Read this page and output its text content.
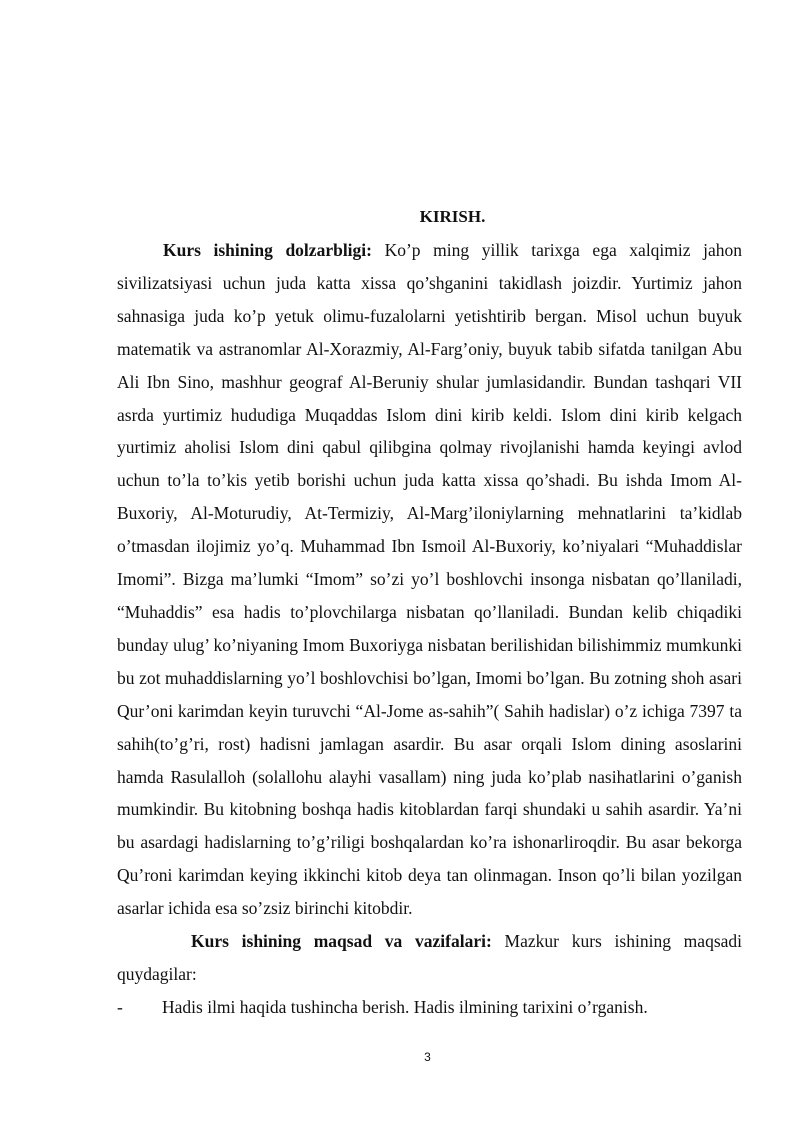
KIRISH.

Kurs ishining dolzarbligi: Ko’p ming yillik tarixga ega xalqimiz jahon sivilizatsiyasi uchun juda katta xissa qo’shganini takidlash joizdir. Yurtimiz jahon sahnasiga juda ko’p yetuk olimu-fuzalolarni yetishtirib bergan. Misol uchun buyuk matematik va astranomlar Al-Xorazmiy, Al-Farg’oniy, buyuk tabib sifatda tanilgan Abu Ali Ibn Sino, mashhur geograf Al-Beruniy shular jumlasidandir. Bundan tashqari VII asrda yurtimiz hududiga Muqaddas Islom dini kirib keldi. Islom dini kirib kelgach yurtimiz aholisi Islom dini qabul qilibgina qolmay rivojlanishi hamda keyingi avlod uchun to’la to’kis yetib borishi uchun juda katta xissa qo’shadi. Bu ishda Imom Al-Buxoriy, Al-Moturudiy, At-Termiziy, Al-Marg’iloniylarning mehnatlarini ta’kidlab o’tmasdan ilojimiz yo’q. Muhammad Ibn Ismoil Al-Buxoriy, ko’niyalari “Muhaddislar Imomi”. Bizga ma’lumki “Imom” so’zi yo’l boshlovchi insonga nisbatan qo’llaniladi, “Muhaddis” esa hadis to’plovchilarga nisbatan qo’llaniladi. Bundan kelib chiqadiki bunday ulug’ ko’niyaning Imom Buxoriyga nisbatan berilishidan bilishimmiz mumkunki bu zot muhaddislarning yo’l boshlovchisi bo’lgan, Imomi bo’lgan. Bu zotning shoh asari Qur’oni karimdan keyin turuvchi “Al-Jome as-sahih”( Sahih hadislar) o’z ichiga 7397 ta sahih(to’g’ri, rost) hadisni jamlagan asardir. Bu asar orqali Islom dining asoslarini hamda Rasulalloh (solallohu alayhi vasallam) ning juda ko’plab nasihatlarini o’ganish mumkindir. Bu kitobning boshqa hadis kitoblardan farqi shundaki u sahih asardir. Ya’ni bu asardagi hadislarning to’g’riligi boshqalardan ko’ra ishonarliroqdir. Bu asar bekorga Qu’roni karimdan keying ikkinchi kitob deya tan olinmagan. Inson qo’li bilan yozilgan asarlar ichida esa so’zsiz birinchi kitobdir.

Kurs ishining maqsad va vazifalari: Mazkur kurs ishining maqsadi quydagilar:

- Hadis ilmi haqida tushincha berish. Hadis ilmining tarixini o’rganish.

3
